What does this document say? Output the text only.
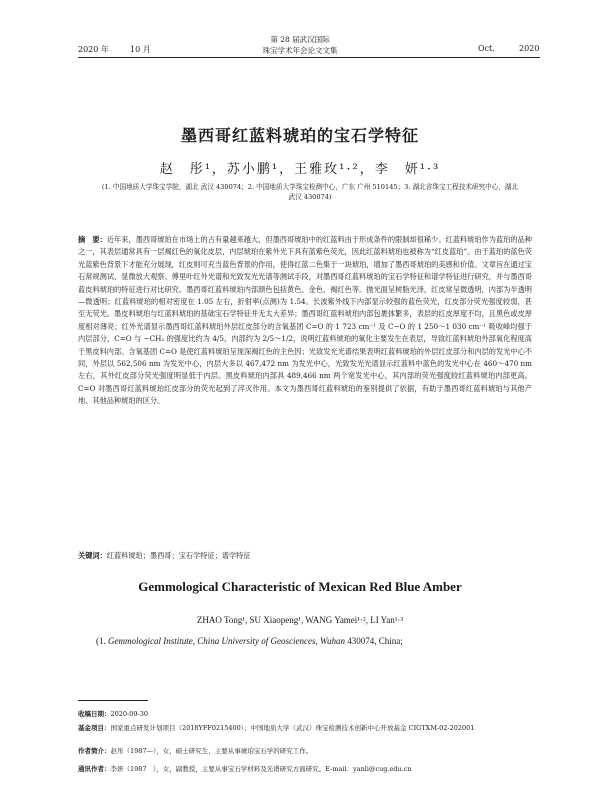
2020 年	10 月
第 28 届武汉国际
珠宝学术年会论文文集	Oct.	2020
墨西哥红蓝料琥珀的宝石学特征
赵　彤¹，苏小鹏¹，王雅玫¹·²，李　妍¹·³
(1. 中国地质大学珠宝学院，湖北 武汉 430074；2. 中国地质大学珠宝检测中心，广东 广州 510145；3. 湖北省珠宝工程技术研究中心，湖北 武汉 430074)
摘　要：近年来，墨西哥琥珀在市场上的占有量越来越大，但墨西哥琥珀中的红蓝料由于形成条件的限制却很稀少。红蓝料琥珀作为蓝珀的品种之一，其表层通常具有一层褐红色的氧化皮层，内层琥珀在紫外光下具有蓝紫色荧光，因此红蓝料琥珀也被称为“红皮蓝珀”。由于蓝珀的蓝色荧光蓝紫色背景下才能充分展现，红皮则可充当蓝色背景的作用，使得红蓝二色集于一块琥珀，增加了墨西哥琥珀的美感和价值。文章旨在通过宝石常规测试、显微放大观察、傅里叶红外光谱和光致发光光谱等测试手段，对墨西哥红蓝料琥珀的宝石学特征和谱学特征进行研究，并与墨西哥蓝皮料琥珀的特征进行对比研究。墨西哥红蓝料琥珀内部颜色包括黄色、金色、褐红色等。抛光面呈树脂光泽，红皮常呈微透明，内部为半透明—微透明；红蓝料琥珀的相对密度在 1.05 左右，折射率(点测)为 1.54。长波紫外线下内部显示较强的蓝色荧光，红皮部分荧光强度较弱，甚至无荧光。墨皮料琥珀与红蓝料琥珀的基础宝石学特征并无太大差异；墨西哥红蓝料琥珀内部包裹体繁多，表层的红皮厚度不均，且黑色或皮厚度相对薄亮；红外光谱显示墨西哥红蓝料琥珀外层红皮部分的含氧基团 C=O 的 1 723 cm⁻¹ 及 C−O 的 1 250～1 030 cm⁻¹ 吸收峰均强于内层部分，C=O 与 −CH₂ 的强度比约为 4/5，内部约为 2/5～1/2，说明红蓝料琥珀的氧化主要发生在表层，导致红蓝料琥珀外部氧化程度高于黑皮料内部。含氧基团 C=O 是使红蓝料琥珀呈现深褐红色的主色因；光致发光光谱结果表明红蓝料琥珀的外层红皮部分和内层的发光中心不同，外层以 562,506 nm 为发光中心，内层大多以 467,472 nm 为发光中心，光致发光光谱显示红蓝料中蓝色的发光中心在 460～470 nm 左右，其外红皮部分荧光强度明显低于内层。黑皮料琥珀内部具 489,466 nm 两个宽发光中心，其内部的荧光强度较红蓝料琥珀内部更高。C=O 对墨西哥红蓝料琥珀红皮部分的荧光起到了淬灭作用。本文为墨西哥红蓝料琥珀的鉴别提供了依据，有助于墨西哥红蓝料琥珀与其他产地、其他品种琥珀的区分。
关键词：红蓝料琥珀；墨西哥；宝石学特征；谱学特征
Gemmological Characteristic of Mexican Red Blue Amber
ZHAO Tong¹, SU Xiaopeng¹, WANG Yamei¹·², LI Yan¹·³
(1. Gemmological Institute, China University of Geosciences, Wuhan 430074, China;
收稿日期：2020-09-30
基金项目：国家重点研发计划项目（2018YFF0215400）；中国地质大学（武汉）珠宝检测技术创新中心开放基金 CIGTXM-02-202001
作者简介：赵彤（1987—），女，硕士研究生，主要从事琥珀宝石学的研究工作。
通讯作者：李妍（1987　），女，副教授，主要从事宝石学材料及光谱研究方面研究。E-mail：yanli@cug.edu.cn
